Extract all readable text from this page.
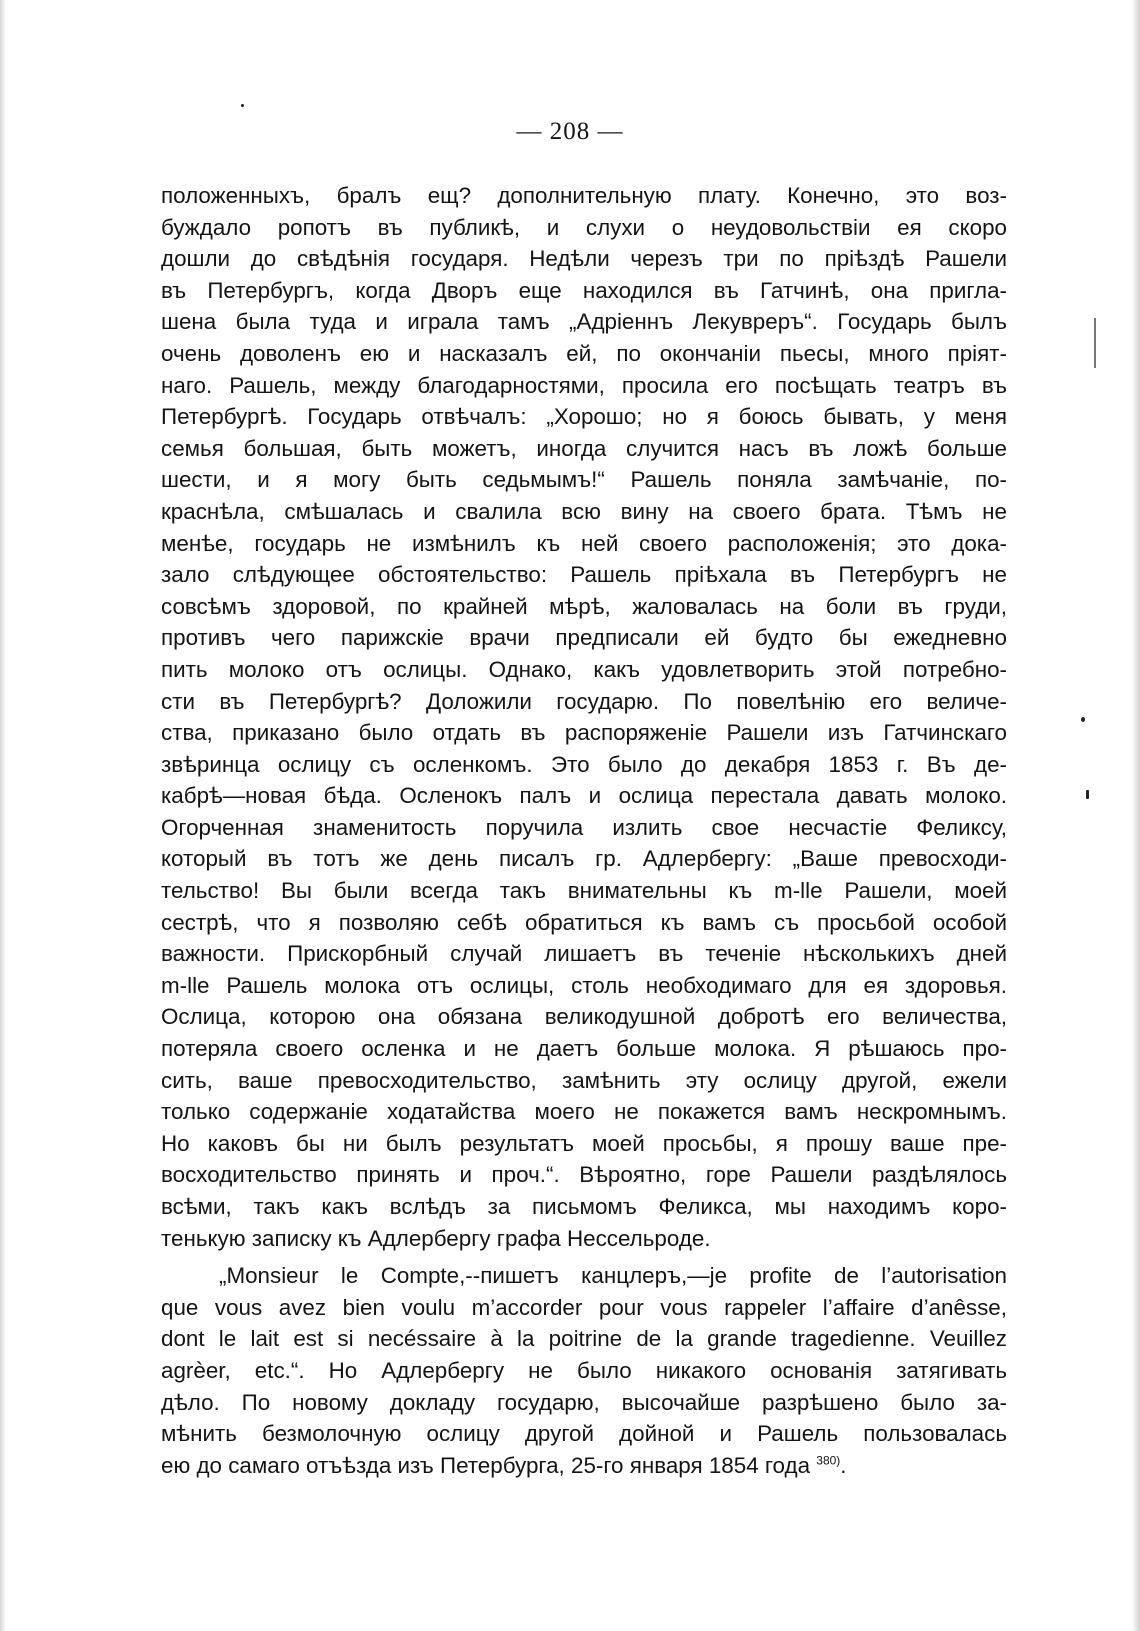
— 208 —
положенныхъ, бралъ ещ? дополнительную плату. Конечно, это воз-
буждало ропотъ въ публикѣ, и слухи о неудовольствіи ея скоро
дошли до свѣдѣнія государя. Недѣли черезъ три по пріѣздѣ Рашели
въ Петербургъ, когда Дворъ еще находился въ Гатчинѣ, она пригла-
шена была туда и играла тамъ „Адріеннъ Лекувреръ“. Государь былъ
очень доволенъ ею и насказалъ ей, по окончаніи пьесы, много пріят-
наго. Рашель, между благодарностями, просила его посѣщать театръ въ
Петербургѣ. Государь отвѣчалъ: „Хорошо; но я боюсь бывать, у меня
семья большая, быть можетъ, иногда случится насъ въ ложѣ больше
шести, и я могу быть седьмымъ!“ Рашель поняла замѣчаніе, по-
краснѣла, смѣшалась и свалила всю вину на своего брата. Тѣмъ не
менѣе, государь не измѣнилъ къ ней своего расположенія; это дока-
зало слѣдующее обстоятельство: Рашель пріѣхала въ Петербургъ не
совсѣмъ здоровой, по крайней мѣрѣ, жаловалась на боли въ груди,
противъ чего парижскіе врачи предписали ей будто бы ежедневно
пить молоко отъ ослицы. Однако, какъ удовлетворить этой потребно-
сти въ Петербургѣ? Доложили государю. По повелѣнію его величе-
ства, приказано было отдать въ распоряженіе Рашели изъ Гатчинскаго
звѣринца ослицу съ осленкомъ. Это было до декабря 1853 г. Въ де-
кабрѣ—новая бѣда. Осленокъ палъ и ослица перестала давать молоко.
Огорченная знаменитость поручила излить свое несчастіе Феликсу,
который въ тотъ же день писалъ гр. Адлербергу: „Ваше превосходи-
тельство! Вы были всегда такъ внимательны къ m-lle Рашели, моей
сестрѣ, что я позволяю себѣ обратиться къ вамъ съ просьбой особой
важности. Прискорбный случай лишаетъ въ теченіе нѣсколькихъ дней
m-lle Рашель молока отъ ослицы, столь необходимаго для ея здоровья.
Ослица, которою она обязана великодушной добротѣ его величества,
потеряла своего осленка и не даетъ больше молока. Я рѣшаюсь про-
сить, ваше превосходительство, замѣнить эту ослицу другой, ежели
только содержаніе ходатайства моего не покажется вамъ нескромнымъ.
Но каковъ бы ни былъ результатъ моей просьбы, я прошу ваше пре-
восходительство принять и проч.“. Вѣроятно, горе Рашели раздѣлялось
всѣми, такъ какъ вслѣдъ за письмомъ Феликса, мы находимъ коро-
тенькую записку къ Адлербергу графа Нессельроде.
„Monsieur le Compte,--пишетъ канцлеръ,—je profite de l’autorisation
que vous avez bien voulu m’accorder pour vous rappeler l’affaire d’anêsse,
dont le lait est si necéssaire à la poitrine de la grande tragedienne. Veuillez
agrèer, etc.“. Но Адлербергу не было никакого основанія затягивать
дѣло. По новому докладу государю, высочайше разрѣшено было за-
мѣнить безмолочную ослицу другой дойной и Рашель пользовалась
ею до самаго отъѣзда изъ Петербурга, 25-го января 1854 года $^{380)}$.
